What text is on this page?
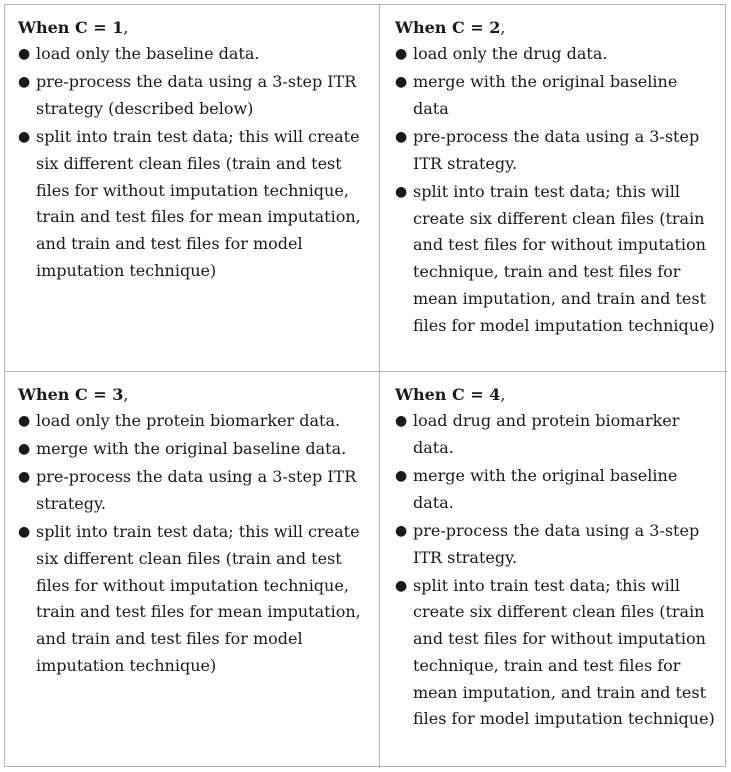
When C = 1,

● load only the baseline data.
● pre-process the data using a 3-step ITR strategy (described below)
● split into train test data; this will create six different clean files (train and test files for without imputation technique, train and test files for mean imputation, and train and test files for model imputation technique)

When C = 2,

● load only the drug data.
● merge with the original baseline data
● pre-process the data using a 3-step ITR strategy.
● split into train test data; this will create six different clean files (train and test files for without imputation technique, train and test files for mean imputation, and train and test files for model imputation technique)

When C = 3,

● load only the protein biomarker data.
● merge with the original baseline data.
● pre-process the data using a 3-step ITR strategy.
● split into train test data; this will create six different clean files (train and test files for without imputation technique, train and test files for mean imputation, and train and test files for model imputation technique)

When C = 4,

● load drug and protein biomarker data.
● merge with the original baseline data.
● pre-process the data using a 3-step ITR strategy.
● split into train test data; this will create six different clean files (train and test files for without imputation technique, train and test files for mean imputation, and train and test files for model imputation technique)
